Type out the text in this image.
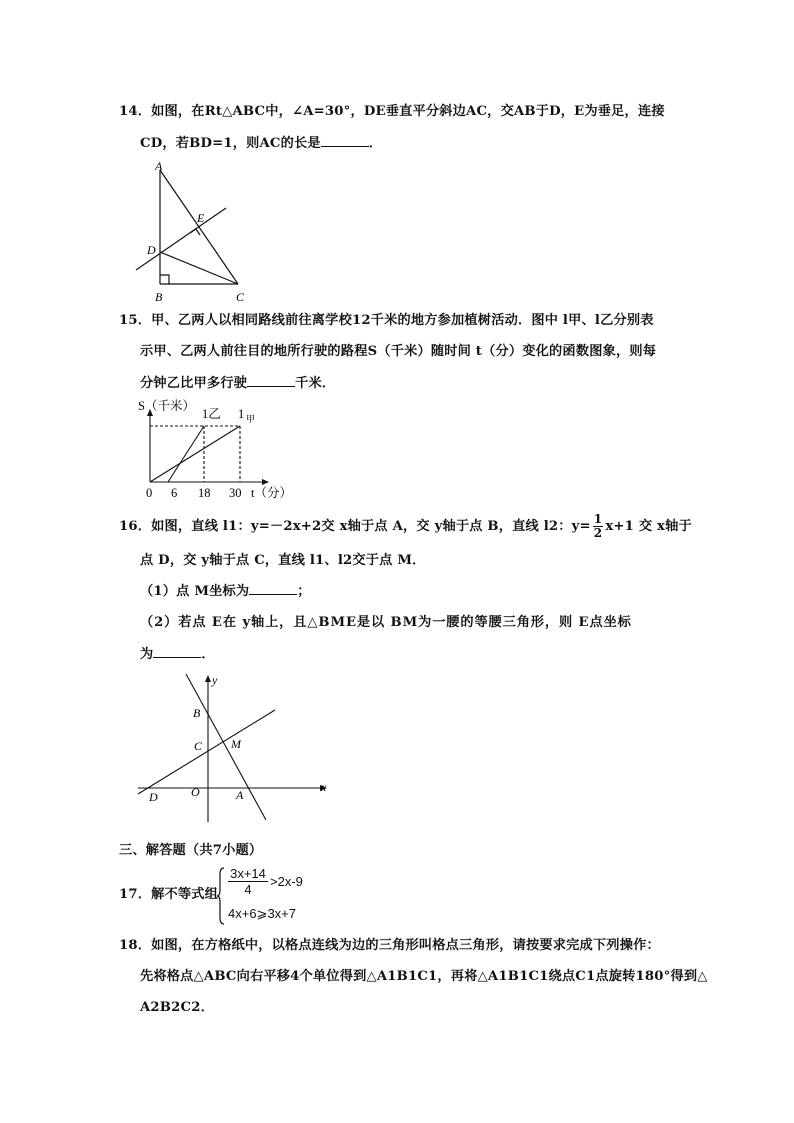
14．如图，在Rt△ABC中，∠A=30°，DE垂直平分斜边AC，交AB于D，E为垂足，连接
CD，若BD=1，则AC的长是	．
A
E
D
B	C
15．甲、乙两人以相同路线前往离学校12千米的地方参加植树活动．图中 l甲、l乙分别表
示甲、乙两人前往目的地所行驶的路程S（千米）随时间 t（分）变化的函数图象，则每
分钟乙比甲多行驶	千米．
S（千米）
1乙 1 甲
0 6 18 30 t（分）
16．如图，直线 l1：y=－2x+2交 x轴于点 A，交 y轴于点 B，直线 l2：$y= \frac{1}{2} x+1$ 交 x轴于
点 D，交 y轴于点 C，直线 l1、l2交于点 M．
（1）点 M坐标为	；
（2）若点 E在 y轴上，且△BME是以 BM为一腰的等腰三角形，则 E点坐标
为	．
y
x
B
C M
D	O	A
三、解答题（共7小题）
17．解不等式组 $\frac{3x+14}{4} >2x-9$
4x+6⩾3x+7
18．如图，在方格纸中，以格点连线为边的三角形叫格点三角形，请按要求完成下列操作：
先将格点△ABC向右平移4个单位得到△A1B1C1，再将△A1B1C1绕点C1点旋转180°得到△
A2B2C2．
